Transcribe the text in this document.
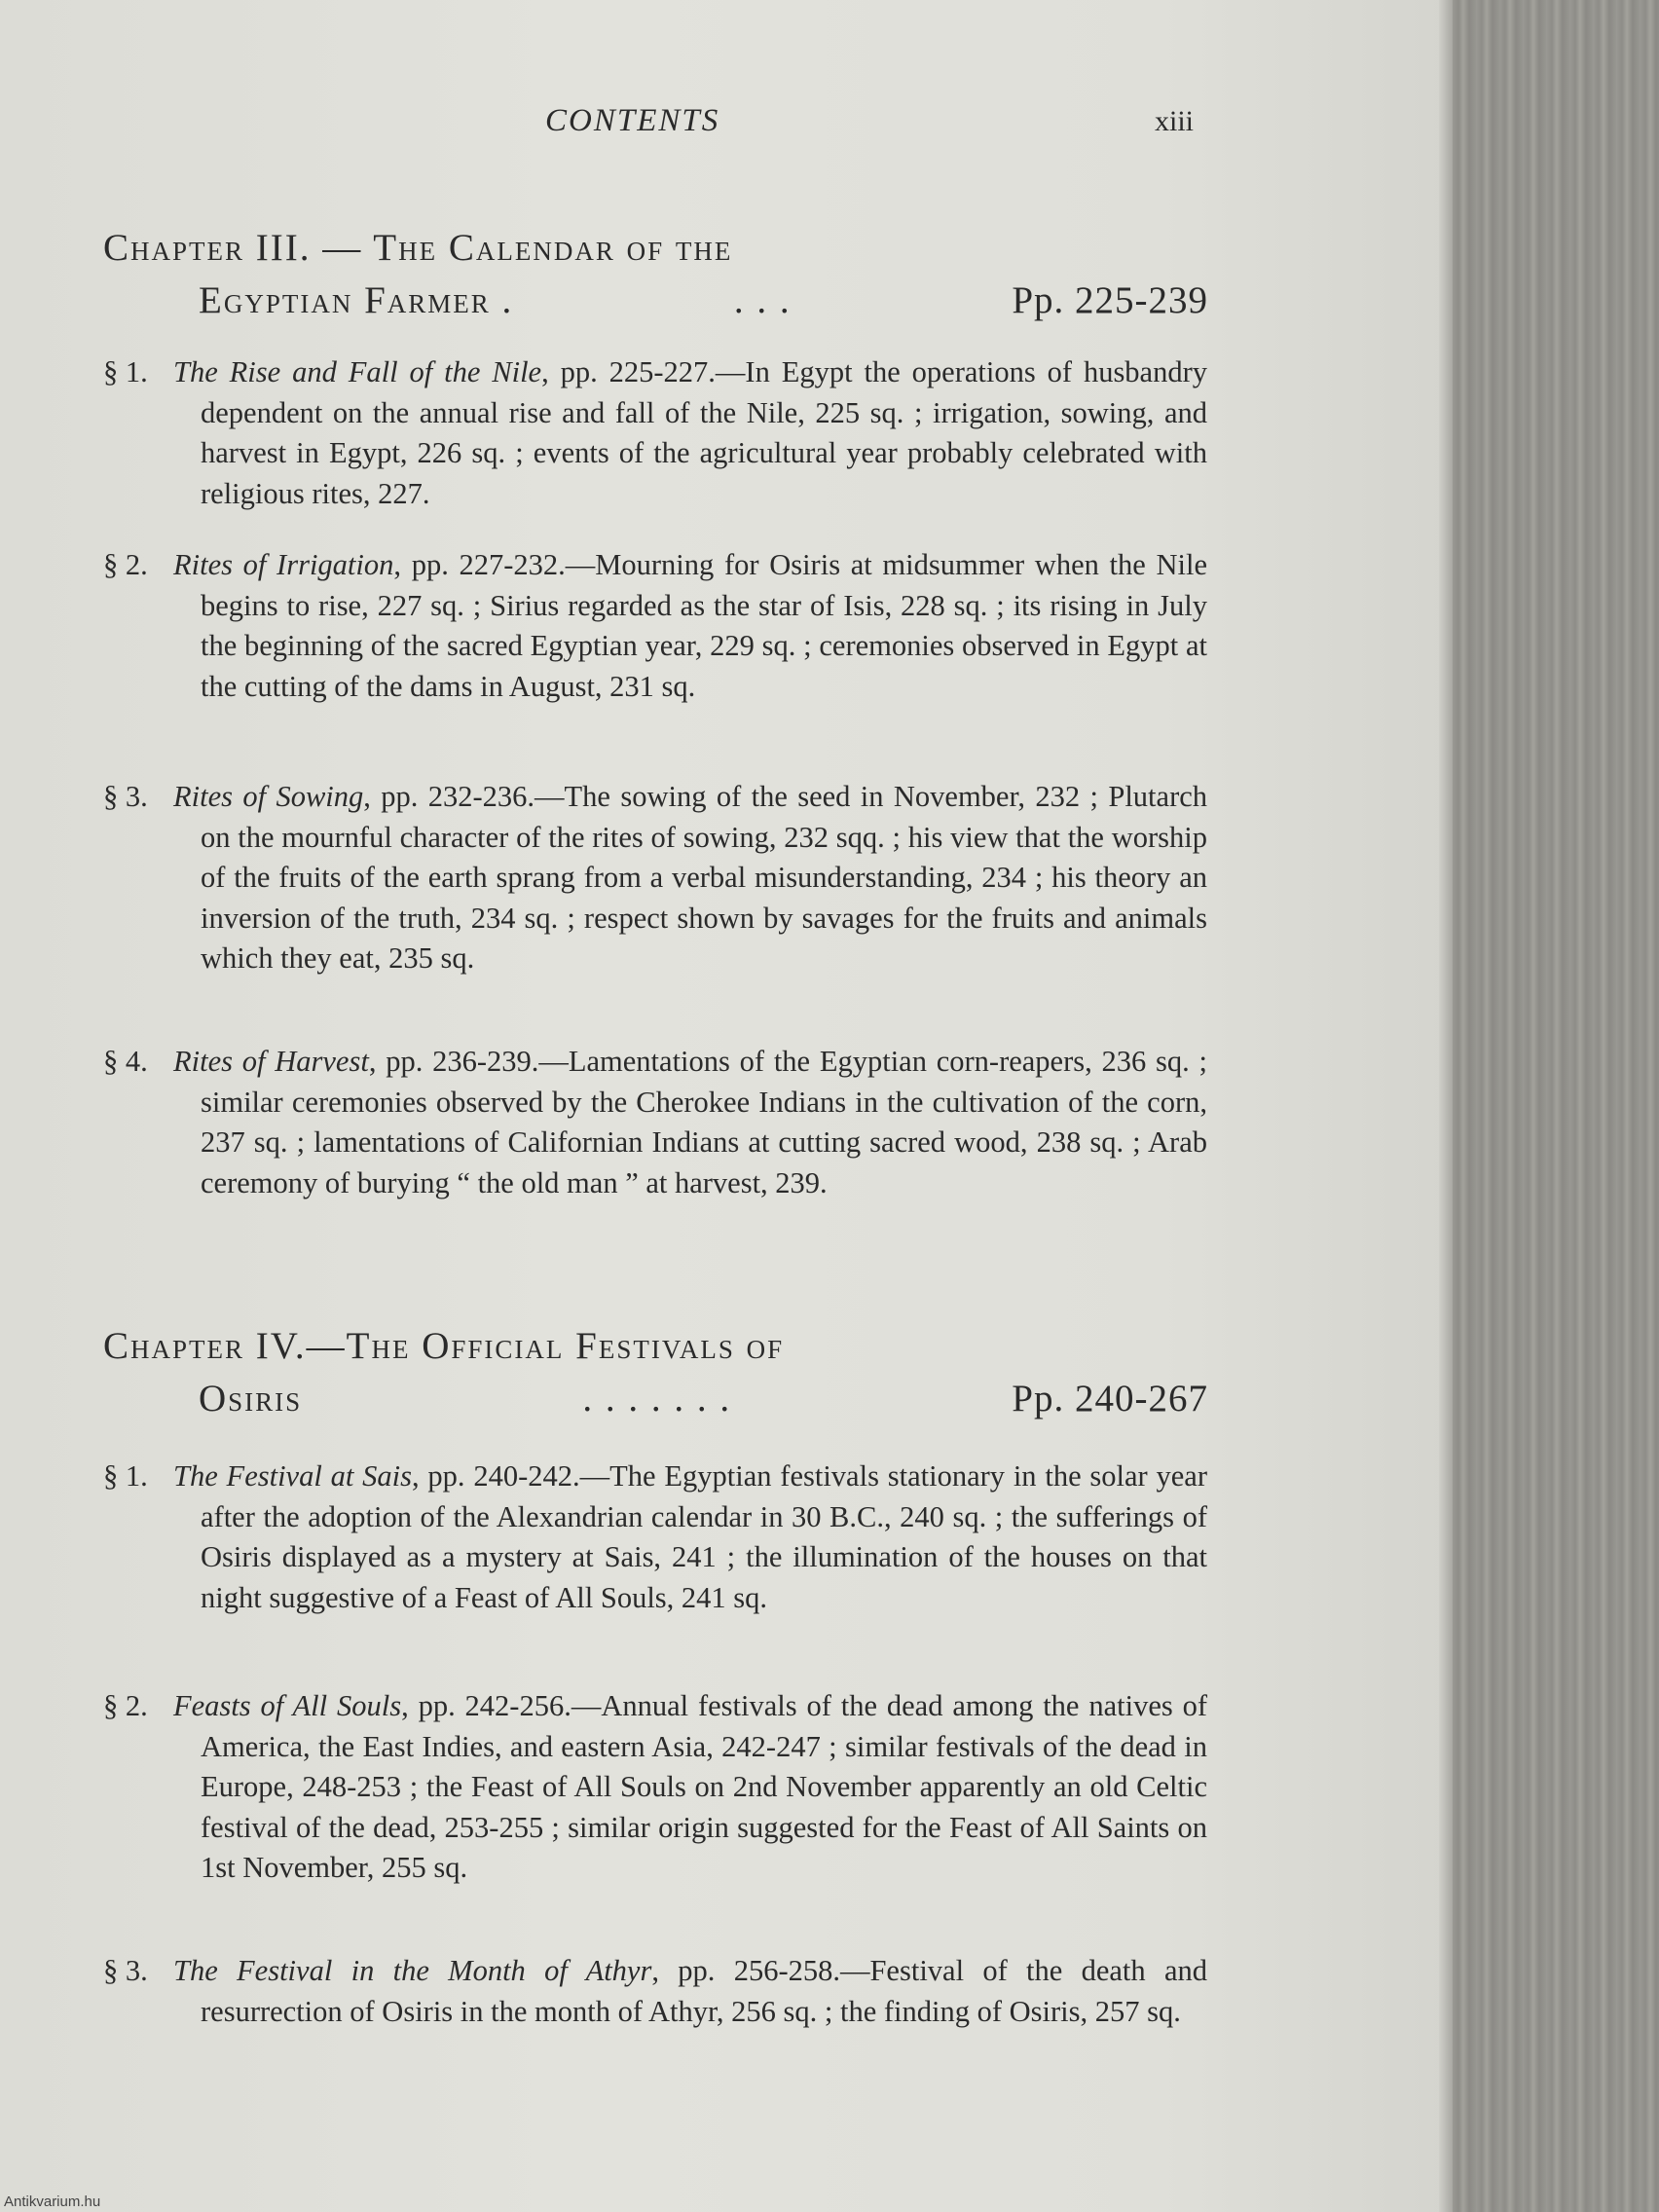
CONTENTS	xiii
Chapter III. — The Calendar of the
Egyptian Farmer .	. . .	Pp. 225-239
§ 1. The Rise and Fall of the Nile, pp. 225-227.—In Egypt the operations of husbandry dependent on the annual rise and fall of the Nile, 225 sq. ; irrigation, sowing, and harvest in Egypt, 226 sq. ; events of the agricultural year probably celebrated with religious rites, 227.
§ 2. Rites of Irrigation, pp. 227-232.—Mourning for Osiris at midsummer when the Nile begins to rise, 227 sq. ; Sirius regarded as the star of Isis, 228 sq. ; its rising in July the beginning of the sacred Egyptian year, 229 sq. ; ceremonies observed in Egypt at the cutting of the dams in August, 231 sq.
§ 3. Rites of Sowing, pp. 232-236.—The sowing of the seed in November, 232 ; Plutarch on the mournful character of the rites of sowing, 232 sqq. ; his view that the worship of the fruits of the earth sprang from a verbal misunderstanding, 234 ; his theory an inversion of the truth, 234 sq. ; respect shown by savages for the fruits and animals which they eat, 235 sq.
§ 4. Rites of Harvest, pp. 236-239.—Lamentations of the Egyptian corn-reapers, 236 sq. ; similar ceremonies observed by the Cherokee Indians in the cultivation of the corn, 237 sq. ; lamentations of Californian Indians at cutting sacred wood, 238 sq. ; Arab ceremony of burying “ the old man ” at harvest, 239.
Chapter IV.—The Official Festivals of
Osiris	. . . . . . .	Pp. 240-267
§ 1. The Festival at Sais, pp. 240-242.—The Egyptian festivals stationary in the solar year after the adoption of the Alexandrian calendar in 30 B.C., 240 sq. ; the sufferings of Osiris displayed as a mystery at Sais, 241 ; the illumination of the houses on that night suggestive of a Feast of All Souls, 241 sq.
§ 2. Feasts of All Souls, pp. 242-256.—Annual festivals of the dead among the natives of America, the East Indies, and eastern Asia, 242-247 ; similar festivals of the dead in Europe, 248-253 ; the Feast of All Souls on 2nd November apparently an old Celtic festival of the dead, 253-255 ; similar origin suggested for the Feast of All Saints on 1st November, 255 sq.
§ 3. The Festival in the Month of Athyr, pp. 256-258.—Festival of the death and resurrection of Osiris in the month of Athyr, 256 sq. ; the finding of Osiris, 257 sq.
Antikvarium.hu
